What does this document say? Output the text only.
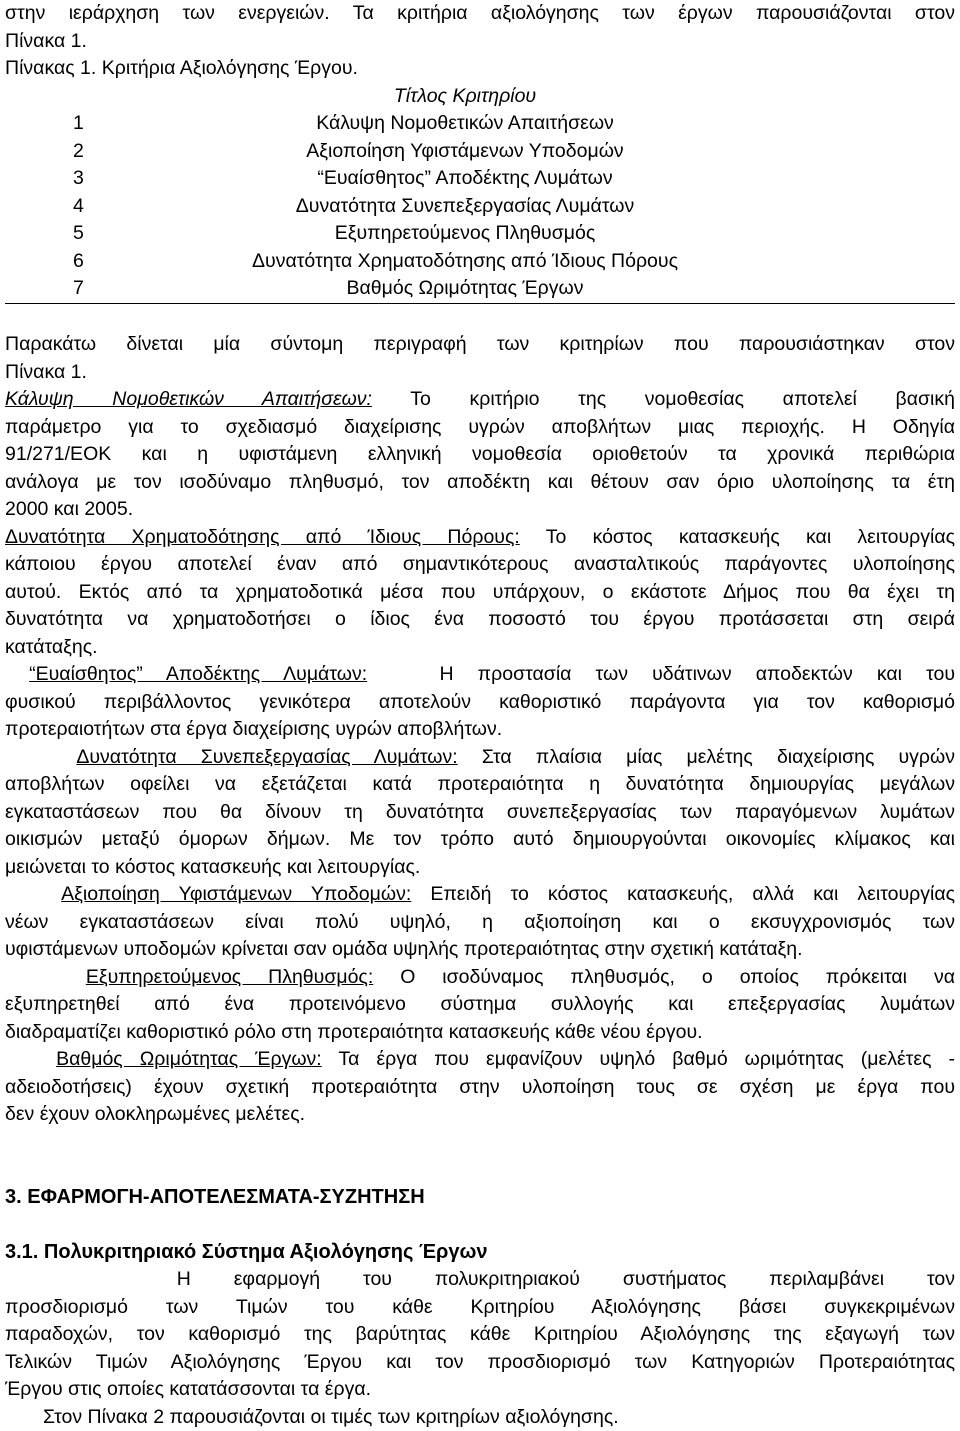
στην ιεράρχηση των ενεργειών. Τα κριτήρια αξιολόγησης των έργων παρουσιάζονται στον
Πίνακα 1.
Πίνακας 1. Κριτήρια Αξιολόγησης Έργου.
Τίτλος Κριτηρίου
1	Κάλυψη Νομοθετικών Απαιτήσεων
2	Αξιοποίηση Υφιστάμενων Υποδομών
3	“Ευαίσθητος” Αποδέκτης Λυμάτων
4	Δυνατότητα Συνεπεξεργασίας Λυμάτων
5	Εξυπηρετούμενος Πληθυσμός
6	Δυνατότητα Χρηματοδότησης από Ίδιους Πόρους
7	Βαθμός Ωριμότητας Έργων
Παρακάτω δίνεται μία σύντομη περιγραφή των κριτηρίων που παρουσιάστηκαν στον
Πίνακα 1.
Κάλυψη Νομοθετικών Απαιτήσεων: Το κριτήριο της νομοθεσίας αποτελεί βασική
παράμετρο για το σχεδιασμό διαχείρισης υγρών αποβλήτων μιας περιοχής. Η Οδηγία
91/271/ΕΟΚ και η υφιστάμενη ελληνική νομοθεσία οριοθετούν τα χρονικά περιθώρια
ανάλογα με τον ισοδύναμο πληθυσμό, τον αποδέκτη και θέτουν σαν όριο υλοποίησης τα έτη
2000 και 2005.
Δυνατότητα Χρηματοδότησης από Ίδιους Πόρους: Το κόστος κατασκευής και λειτουργίας
κάποιου έργου αποτελεί έναν από σημαντικότερους ανασταλτικούς παράγοντες υλοποίησης
αυτού. Εκτός από τα χρηματοδοτικά μέσα που υπάρχουν, ο εκάστοτε Δήμος που θα έχει τη
δυνατότητα να χρηματοδοτήσει ο ίδιος ένα ποσοστό του έργου προτάσσεται στη σειρά
κατάταξης.
“Ευαίσθητος” Αποδέκτης Λυμάτων:   Η προστασία των υδάτινων αποδεκτών και του
φυσικού περιβάλλοντος γενικότερα αποτελούν καθοριστικό παράγοντα για τον καθορισμό
προτεραιοτήτων στα έργα διαχείρισης υγρών αποβλήτων.
Δυνατότητα Συνεπεξεργασίας Λυμάτων: Στα πλαίσια μίας μελέτης διαχείρισης υγρών
αποβλήτων οφείλει να εξετάζεται κατά προτεραιότητα η δυνατότητα δημιουργίας μεγάλων
εγκαταστάσεων που θα δίνουν τη δυνατότητα συνεπεξεργασίας των παραγόμενων λυμάτων
οικισμών μεταξύ όμορων δήμων. Με τον τρόπο αυτό δημιουργούνται οικονομίες κλίμακος και
μειώνεται το κόστος κατασκευής και λειτουργίας.
Αξιοποίηση Υφιστάμενων Υποδομών: Επειδή το κόστος κατασκευής, αλλά και λειτουργίας
νέων εγκαταστάσεων είναι πολύ υψηλό, η αξιοποίηση και ο εκσυγχρονισμός των
υφιστάμενων υποδομών κρίνεται σαν ομάδα υψηλής προτεραιότητας στην σχετική κατάταξη.
Εξυπηρετούμενος Πληθυσμός: Ο ισοδύναμος πληθυσμός, ο οποίος πρόκειται να
εξυπηρετηθεί από ένα προτεινόμενο σύστημα συλλογής και επεξεργασίας λυμάτων
διαδραματίζει καθοριστικό ρόλο στη προτεραιότητα κατασκευής κάθε νέου έργου.
Βαθμός Ωριμότητας Έργων: Τα έργα που εμφανίζουν υψηλό βαθμό ωριμότητας (μελέτες -
αδειοδοτήσεις) έχουν σχετική προτεραιότητα στην υλοποίηση τους σε σχέση με έργα που
δεν έχουν ολοκληρωμένες μελέτες.
3. ΕΦΑΡΜΟΓΗ-ΑΠΟΤΕΛΕΣΜΑΤΑ-ΣΥΖΗΤΗΣΗ
3.1. Πολυκριτηριακό Σύστημα Αξιολόγησης Έργων
Η εφαρμογή του πολυκριτηριακού συστήματος περιλαμβάνει τον
προσδιορισμό των Τιμών του κάθε Κριτηρίου Αξιολόγησης βάσει συγκεκριμένων
παραδοχών, τον καθορισμό της βαρύτητας κάθε Κριτηρίου Αξιολόγησης της εξαγωγή των
Τελικών Τιμών Αξιολόγησης Έργου και τον προσδιορισμό των Κατηγοριών Προτεραιότητας
Έργου στις οποίες κατατάσσονται τα έργα.
Στον Πίνακα 2 παρουσιάζονται οι τιμές των κριτηρίων αξιολόγησης.
